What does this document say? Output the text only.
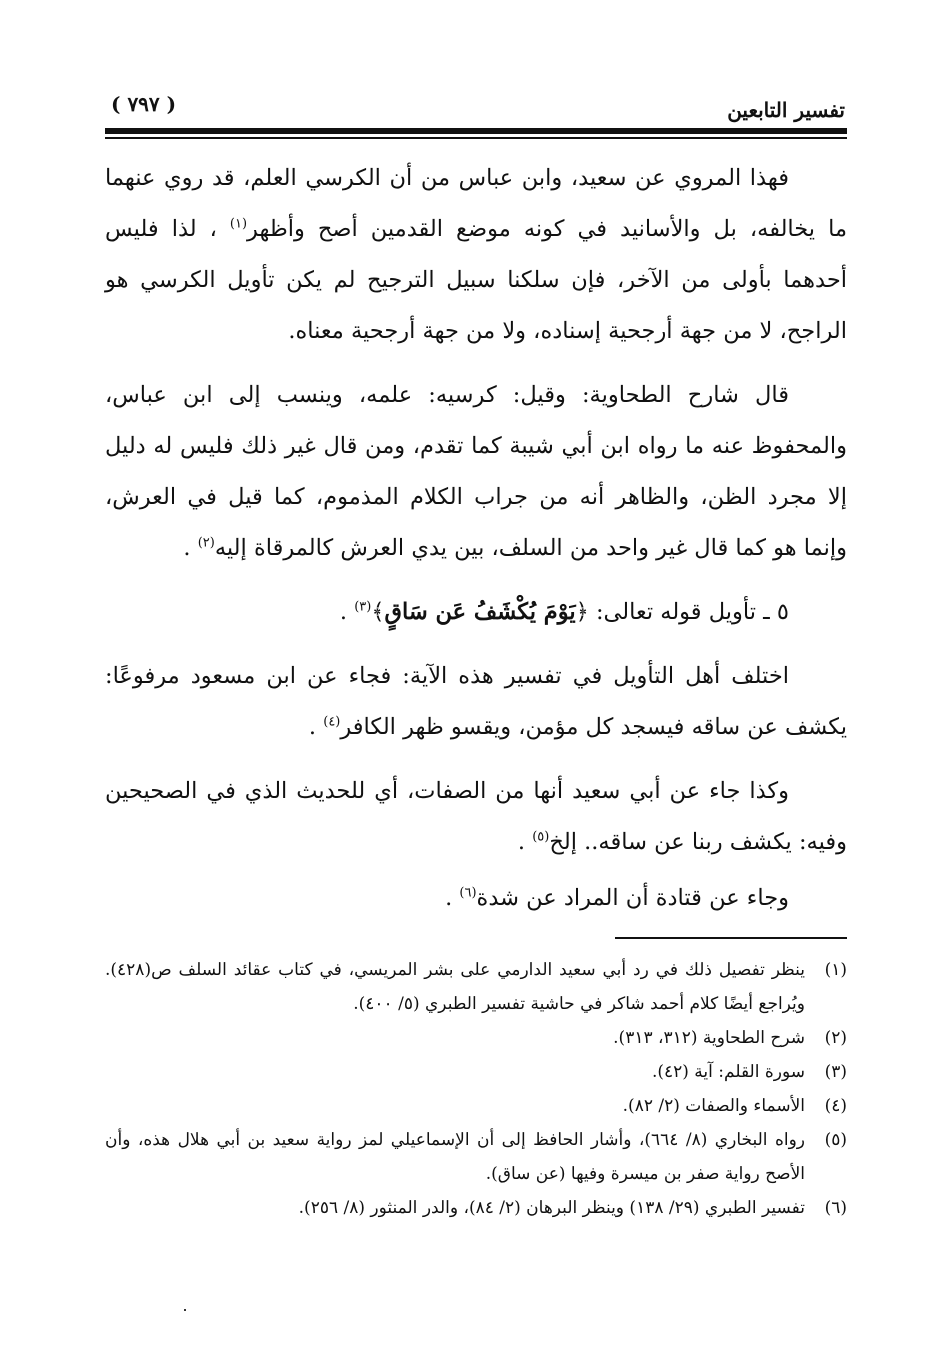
تفسير التابعين
( ٧٩٧ )

فهذا المروي عن سعيد، وابن عباس من أن الكرسي العلم، قد روي عنهما ما يخالفه، بل والأسانيد في كونه موضع القدمين أصح وأظهر$^{(١)}$ ، لذا فليس أحدهما بأولى من الآخر، فإن سلكنا سبيل الترجيح لم يكن تأويل الكرسي هو الراجح، لا من جهة أرجحية إسناده، ولا من جهة أرجحية معناه.

قال شارح الطحاوية: وقيل: كرسيه: علمه، وينسب إلى ابن عباس، والمحفوظ عنه ما رواه ابن أبي شيبة كما تقدم، ومن قال غير ذلك فليس له دليل إلا مجرد الظن، والظاهر أنه من جراب الكلام المذموم، كما قيل في العرش، وإنما هو كما قال غير واحد من السلف، بين يدي العرش كالمرقاة إليه$^{(٢)}$ .

٥ ـ تأويل قوله تعالى: ﴿يَوْمَ يُكْشَفُ عَن سَاقٍ﴾$^{(٣)}$ .

اختلف أهل التأويل في تفسير هذه الآية: فجاء عن ابن مسعود مرفوعًا: يكشف عن ساقه فيسجد كل مؤمن، ويقسو ظهر الكافر$^{(٤)}$ .

وكذا جاء عن أبي سعيد أنها من الصفات، أي للحديث الذي في الصحيحين وفيه: يكشف ربنا عن ساقه.. إلخ$^{(٥)}$ .

وجاء عن قتادة أن المراد عن شدة$^{(٦)}$ .

(١)
ينظر تفصيل ذلك في رد أبي سعيد الدارمي على بشر المريسي، في كتاب عقائد السلف ص(٤٢٨). ويُراجع أيضًا كلام أحمد شاكر في حاشية تفسير الطبري (٥/ ٤٠٠).
(٢)
شرح الطحاوية (٣١٢، ٣١٣).
(٣)
سورة القلم: آية (٤٢).
(٤)
الأسماء والصفات (٢/ ٨٢).
(٥)
رواه البخاري (٨/ ٦٦٤)، وأشار الحافظ إلى أن الإسماعيلي لمز رواية سعيد بن أبي هلال هذه، وأن الأصح رواية صفر بن ميسرة وفيها (عن ساق).
(٦)
تفسير الطبري (٢٩/ ١٣٨) وينظر البرهان (٢/ ٨٤)، والدر المنثور (٨/ ٢٥٦).
